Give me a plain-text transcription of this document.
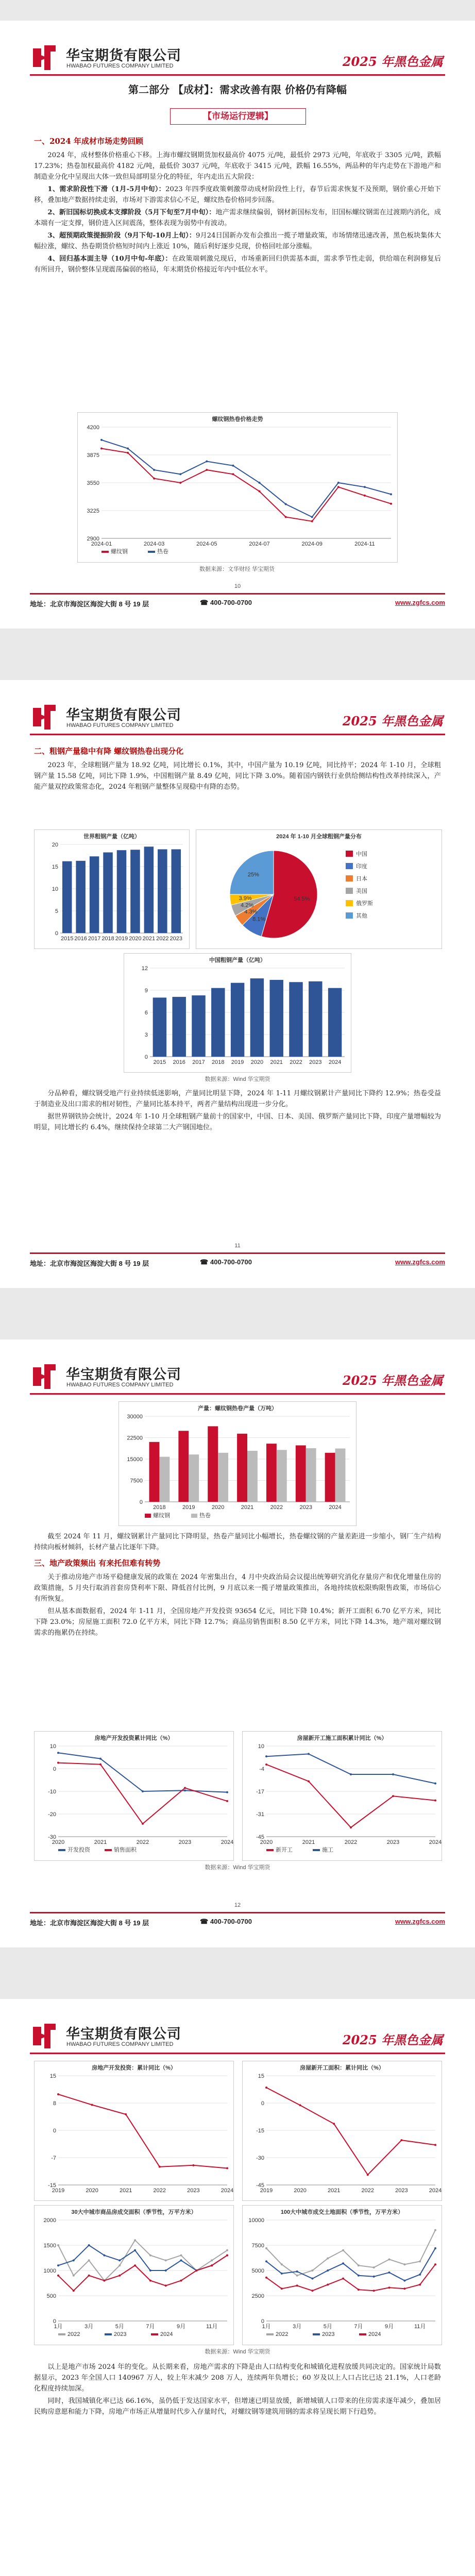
华宝期货有限公司
HWABAO FUTURES COMPANY LIMITED	2025 年黑色金属
第二部分 【成材】：需求改善有限 价格仍有降幅
【市场运行逻辑】
一、2024 年成材市场走势回顾

2024 年，成材整体价格重心下移。上海市螺纹钢期货加权最高价 4075 元/吨，最低价 2973 元/吨，年底收于 3305 元/吨，跌幅 17.23%；热卷加权最高价 4182 元/吨，最低价 3037 元/吨，年底收于 3415 元/吨，跌幅 16.55%，两品种的年内走势在下游地产和制造业分化中呈现出大体一致但局部明显分化的特征，年内走出五大阶段：

1、需求阶段性下滑（1月-5月中旬）：2023 年四季度政策刺激带动成材阶段性上行，春节后需求恢复不及预期，钢价重心开始下移，叠加地产数据持续走弱，市场对下游需求信心不足，螺纹热卷价格同步回落。

2、新旧国标切换成本支撑阶段（5月下旬至7月中旬）：地产需求继续偏弱，钢材新国标发布，旧国标螺纹钢需在过渡期内消化，成本端有一定支撑，钢价进入区间震荡，整体表现为弱势中有波动。

3、超预期政策提振阶段（9月下旬-10月上旬）：9月24日国新办发布会推出一揽子增量政策，市场情绪迅速改善，黑色板块集体大幅拉涨，螺纹、热卷期货价格短时间内上涨近 10%，随后利好逐步兑现，价格回吐部分涨幅。

4、回归基本面主导（10月中旬-年底）：在政策端刺激兑现后，市场重新回归供需基本面，需求季节性走弱，供给端在利润修复后有所回升，钢价整体呈现震荡偏弱的格局，年末期货价格接近年内中低位水平。

螺纹钢热卷价格走势
2900
3225
3550
3875
4200
2024-01	2024-03	2024-05	2024-07	2024-09	2024-11
螺纹钢	热卷
数据来源：文华财经 华宝期货
10
地址：北京市海淀区海淀大街 8 号 19 层	☎ 400-700-0700	www.zgfcs.com
华宝期货有限公司
HWABAO FUTURES COMPANY LIMITED	2025 年黑色金属
二、粗钢产量稳中有降 螺纹钢热卷出现分化

2023 年，全球粗钢产量为 18.92 亿吨，同比增长 0.1%，其中，中国产量为 10.19 亿吨，同比持平；2024 年 1-10 月，全球粗钢产量 15.58 亿吨，同比下降 1.9%，中国粗钢产量 8.49 亿吨，同比下降 3.0%。随着国内钢铁行业供给侧结构性改革持续深入，产能产量双控政策常态化，2024 年粗钢产量整体呈现稳中有降的态势。

世界粗钢产量（亿吨）
0
5
10
15
20
2015 2016 2017 2018 2019 2020 2021 2022 2023
2024 年 1-10 月全球粗钢产量分布
54.5%
中国
8.1%
印度
4.3%
日本
4.2%
美国
3.9%
俄罗斯
25%
其他
中国粗钢产量（亿吨）
0
3
6
9
12
2015 2016 2017 2018 2019 2020 2021 2022 2023 2024
数据来源：Wind 华宝期货

分品种看，螺纹钢受地产行业持续低迷影响，产量同比明显下降，2024 年 1-11 月螺纹钢累计产量同比下降约 12.9%；热卷受益于制造业及出口需求的相对韧性，产量同比基本持平，两者产量结构出现进一步分化。

据世界钢铁协会统计，2024 年 1-10 月全球粗钢产量前十的国家中，中国、日本、美国、俄罗斯产量同比下降，印度产量增幅较为明显，同比增长约 6.4%，继续保持全球第二大产钢国地位。

11
地址：北京市海淀区海淀大街 8 号 19 层	☎ 400-700-0700	www.zgfcs.com
华宝期货有限公司
HWABAO FUTURES COMPANY LIMITED	2025 年黑色金属
产量：螺纹钢热卷产量（万吨）
0
7500
15000
22500
30000
2018	2019	2020	2021	2022	2023	2024
螺纹钢	热卷

截至 2024 年 11 月，螺纹钢累计产量同比下降明显，热卷产量同比小幅增长，热卷螺纹钢的产量差距进一步缩小，钢厂生产结构持续向板材倾斜，长材产量占比逐年下降。

三、地产政策频出 有来托但难有转势

关于推动房地产市场平稳健康发展的政策在 2024 年密集出台，4 月中央政治局会议提出统筹研究消化存量房产和优化增量住房的政策措施，5 月央行取消首套房贷利率下限、降低首付比例，9 月底以来一揽子增量政策推出，各地持续放松限购限售政策，市场信心有所恢复。

但从基本面数据看，2024 年 1-11 月，全国房地产开发投资 93654 亿元，同比下降 10.4%；新开工面积 6.70 亿平方米，同比下降 23.0%；房屋施工面积 72.0 亿平方米，同比下降 12.7%；商品房销售面积 8.50 亿平方米，同比下降 14.3%，地产端对螺纹钢需求的拖累仍在持续。

房地产开发投资累计同比（%）
-30
-20
-10
0
10
2020	2021	2022	2023	2024
开发投资	销售面积
房屋新开工施工面积累计同比（%）
-45
-31
-17
-4
10
2020	2021	2022	2023	2024
新开工	施工
数据来源：Wind 华宝期货
12
地址：北京市海淀区海淀大街 8 号 19 层	☎ 400-700-0700	www.zgfcs.com
华宝期货有限公司
HWABAO FUTURES COMPANY LIMITED	2025 年黑色金属
房地产开发投资：累计同比（%）
-15
-7
0
8
15
2019	2020	2021	2022	2023	2024
房屋新开工面积：累计同比（%）
-45
-30
-15
0
15
2019	2020	2021	2022	2023	2024
30大中城市商品房成交面积（季节性，万平方米）
0
500
1000
1500
2000
1月	3月	5月	7月	9月	11月
2022	2023	2024
100大中城市成交土地面积（季节性，万平方米）
0
2500
5000
7500
10000
1月	3月	5月	7月	9月	11月
2022	2023	2024
数据来源：Wind 华宝期货

以上是地产市场 2024 年的变化。从长期来看，房地产需求的下降是由人口结构变化和城镇化进程放缓共同决定的。国家统计局数据显示，2023 年全国人口 140967 万人，较上年末减少 208 万人，连续两年负增长；60 岁及以上人口占比已达 21.1%，人口老龄化程度持续加深。

同时，我国城镇化率已达 66.16%，虽仍低于发达国家水平，但增速已明显放缓，新增城镇人口带来的住房需求逐年减少，叠加居民购房意愿和能力下降，房地产市场正从增量时代步入存量时代，对螺纹钢等建筑用钢的需求将呈现长期下行趋势。
